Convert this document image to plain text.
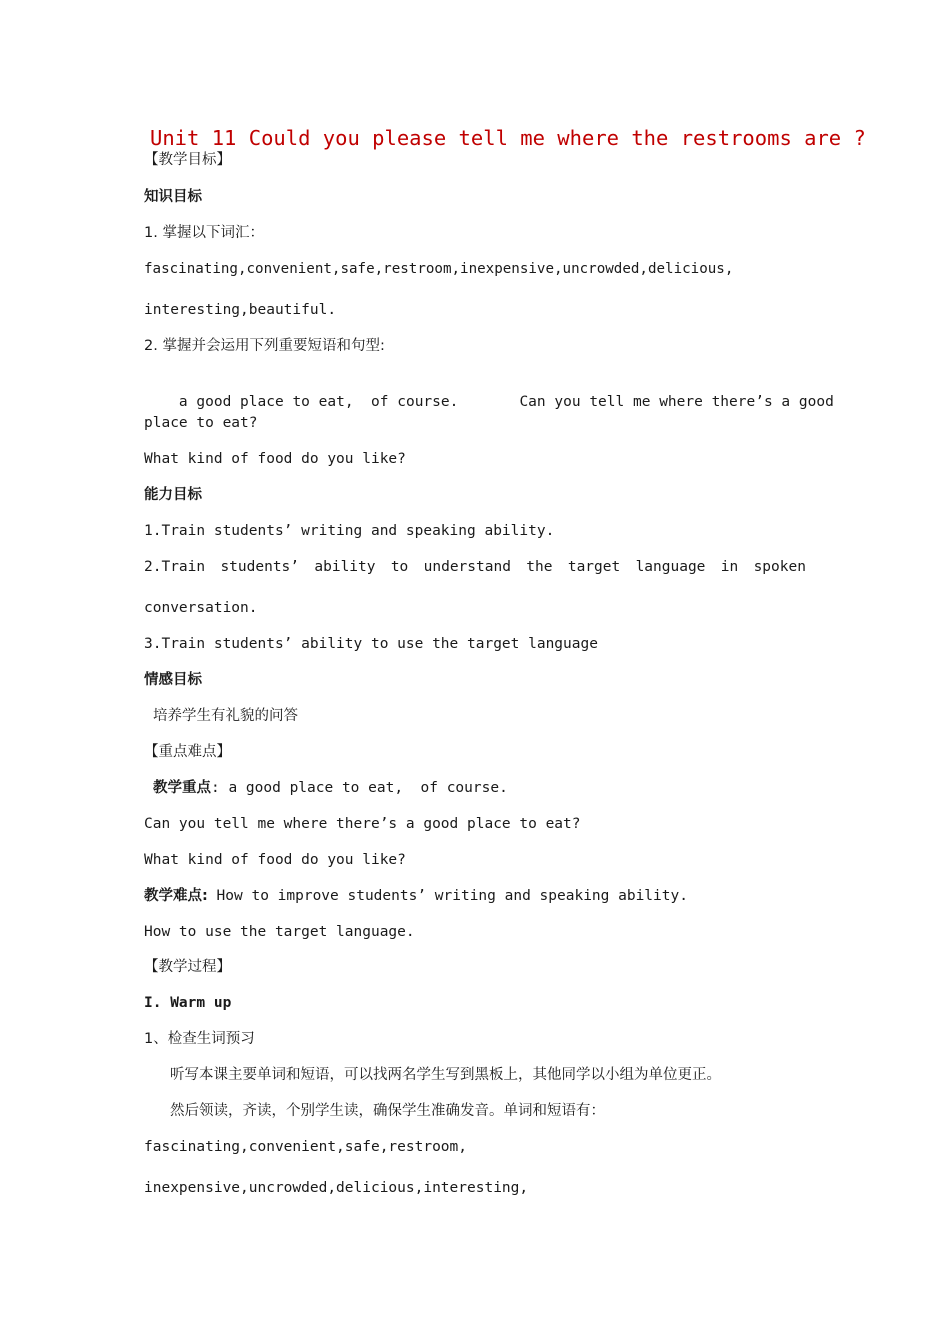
Unit 11 Could you please tell me where the restrooms are ?
【教学目标】
知识目标
1. 掌握以下词汇：
fascinating,convenient,safe,restroom,inexpensive,uncrowded,delicious,
interesting,beautiful.
2. 掌握并会运用下列重要短语和句型:

a good place to eat, of course.	Can you tell me where there’s a good

place to eat?
What kind of food do you like?
能力目标
1.Train students’ writing and speaking ability.
2.Train students’ ability to understand the target language in spoken
conversation.
3.Train students’ ability to use the target language
情感目标
培养学生有礼貌的问答
【重点难点】
教学重点: a good place to eat,  of course.
Can you tell me where there’s a good place to eat?
What kind of food do you like?
教学难点: How to improve students’ writing and speaking ability.
How to use the target language.
【教学过程】
I. Warm up
1、检查生词预习
听写本课主要单词和短语，可以找两名学生写到黑板上，其他同学以小组为单位更正。
然后领读，齐读，个别学生读，确保学生准确发音。单词和短语有：
fascinating,convenient,safe,restroom,
inexpensive,uncrowded,delicious,interesting,
